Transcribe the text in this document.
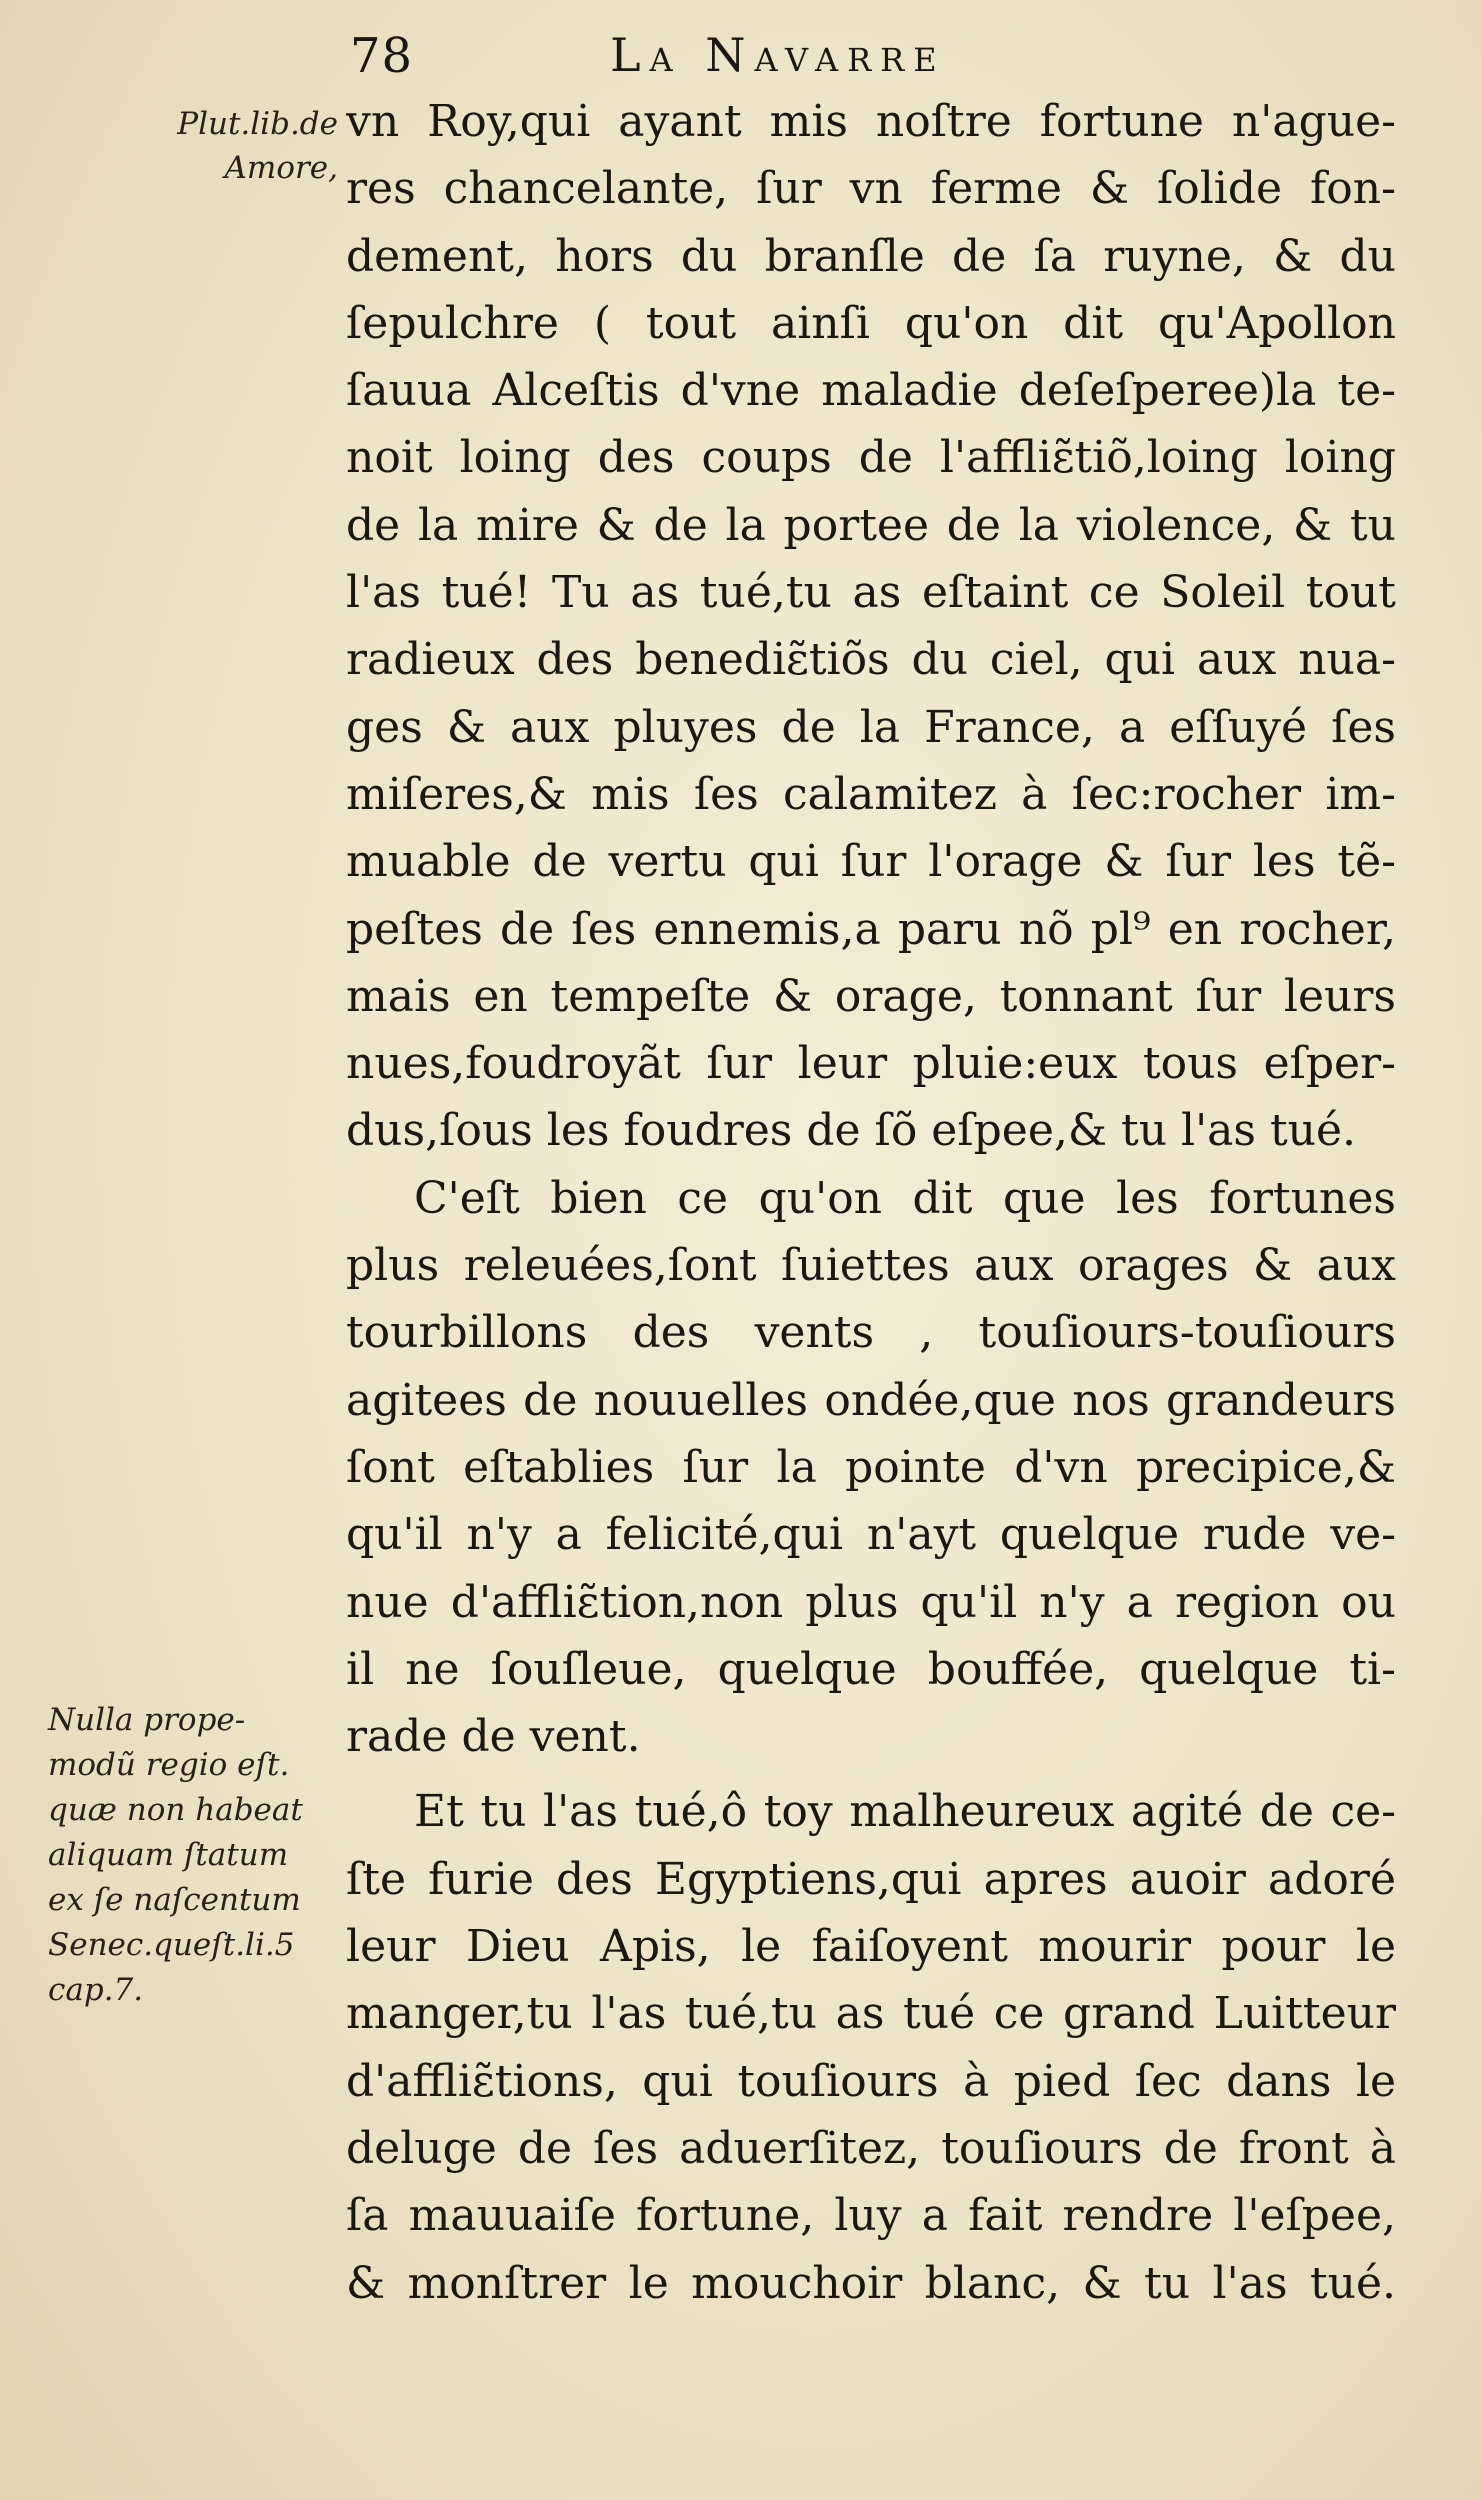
78	La Navarre
Plut.lib.de
Amore,
Nulla prope-
modũ regio eſt.
quæ non habeat
aliquam ſtatum
ex ſe naſcentum
Senec.queſt.li.5
cap.7.
vn Roy,qui ayant mis noſtre fortune n'ague-
res chancelante, ſur vn ferme & ſolide fon-
dement, hors du branſle de ſa ruyne, & du
ſepulchre ( tout ainſi qu'on dit qu'Apollon
ſauua Alceſtis d'vne maladie deſeſperee)la te-
noit loing des coups de l'affliɛ̃tiõ,loing loing
de la mire & de la portee de la violence, & tu
l'as tué! Tu as tué,tu as eſtaint ce Soleil tout
radieux des benediɛ̃tiõs du ciel, qui aux nua-
ges & aux pluyes de la France, a eſſuyé ſes
miſeres,& mis ſes calamitez à ſec:rocher im-
muable de vertu qui ſur l'orage & ſur les tẽ-
peſtes de ſes ennemis,a paru nõ pl⁹ en rocher,
mais en tempeſte & orage, tonnant ſur leurs
nues,foudroyãt ſur leur pluie:eux tous eſper-
dus,ſous les foudres de ſõ eſpee,& tu l'as tué.
C'eſt bien ce qu'on dit que les fortunes
plus releuées,ſont ſuiettes aux orages & aux
tourbillons des vents , touſiours-touſiours
agitees de nouuelles ondée,que nos grandeurs
ſont eſtablies ſur la pointe d'vn precipice,&
qu'il n'y a felicité,qui n'ayt quelque rude ve-
nue d'affliɛ̃tion,non plus qu'il n'y a region ou
il ne ſouſleue, quelque bouffée, quelque ti-
rade de vent.
Et tu l'as tué,ô toy malheureux agité de ce-
ſte furie des Egyptiens,qui apres auoir adoré
leur Dieu Apis, le faiſoyent mourir pour le
manger,tu l'as tué,tu as tué ce grand Luitteur
d'affliɛ̃tions, qui touſiours à pied ſec dans le
deluge de ſes aduerſitez, touſiours de front à
ſa mauuaiſe fortune, luy a fait rendre l'eſpee,
& monſtrer le mouchoir blanc, & tu l'as tué.
